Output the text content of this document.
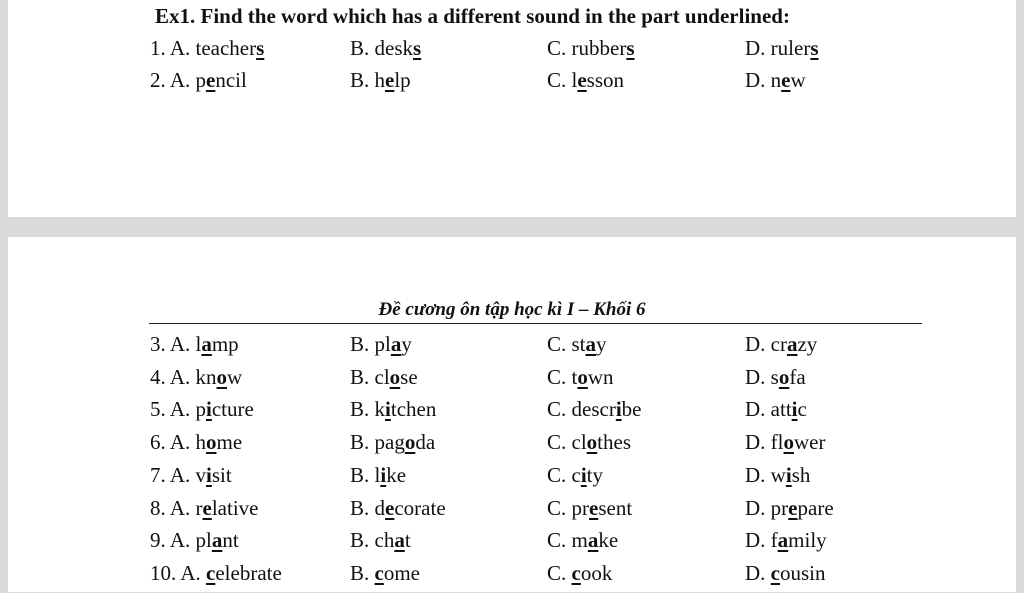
Ex1. Find the word which has a different sound in the part underlined:
1. A. teachers	B. desks	C. rubbers	D. rulers
2. A. pencil	B. help	C. lesson	D. new
Đề cương ôn tập học kì I – Khối 6
3. A. lamp	B. play	C. stay	D. crazy
4. A. know	B. close	C. town	D. sofa
5. A. picture	B. kitchen	C. describe	D. attic
6. A. home	B. pagoda	C. clothes	D. flower
7. A. visit	B. like	C. city	D. wish
8. A. relative	B. decorate	C. present	D. prepare
9. A. plant	B. chat	C. make	D. family
10. A. celebrate	B. come	C. cook	D. cousin
